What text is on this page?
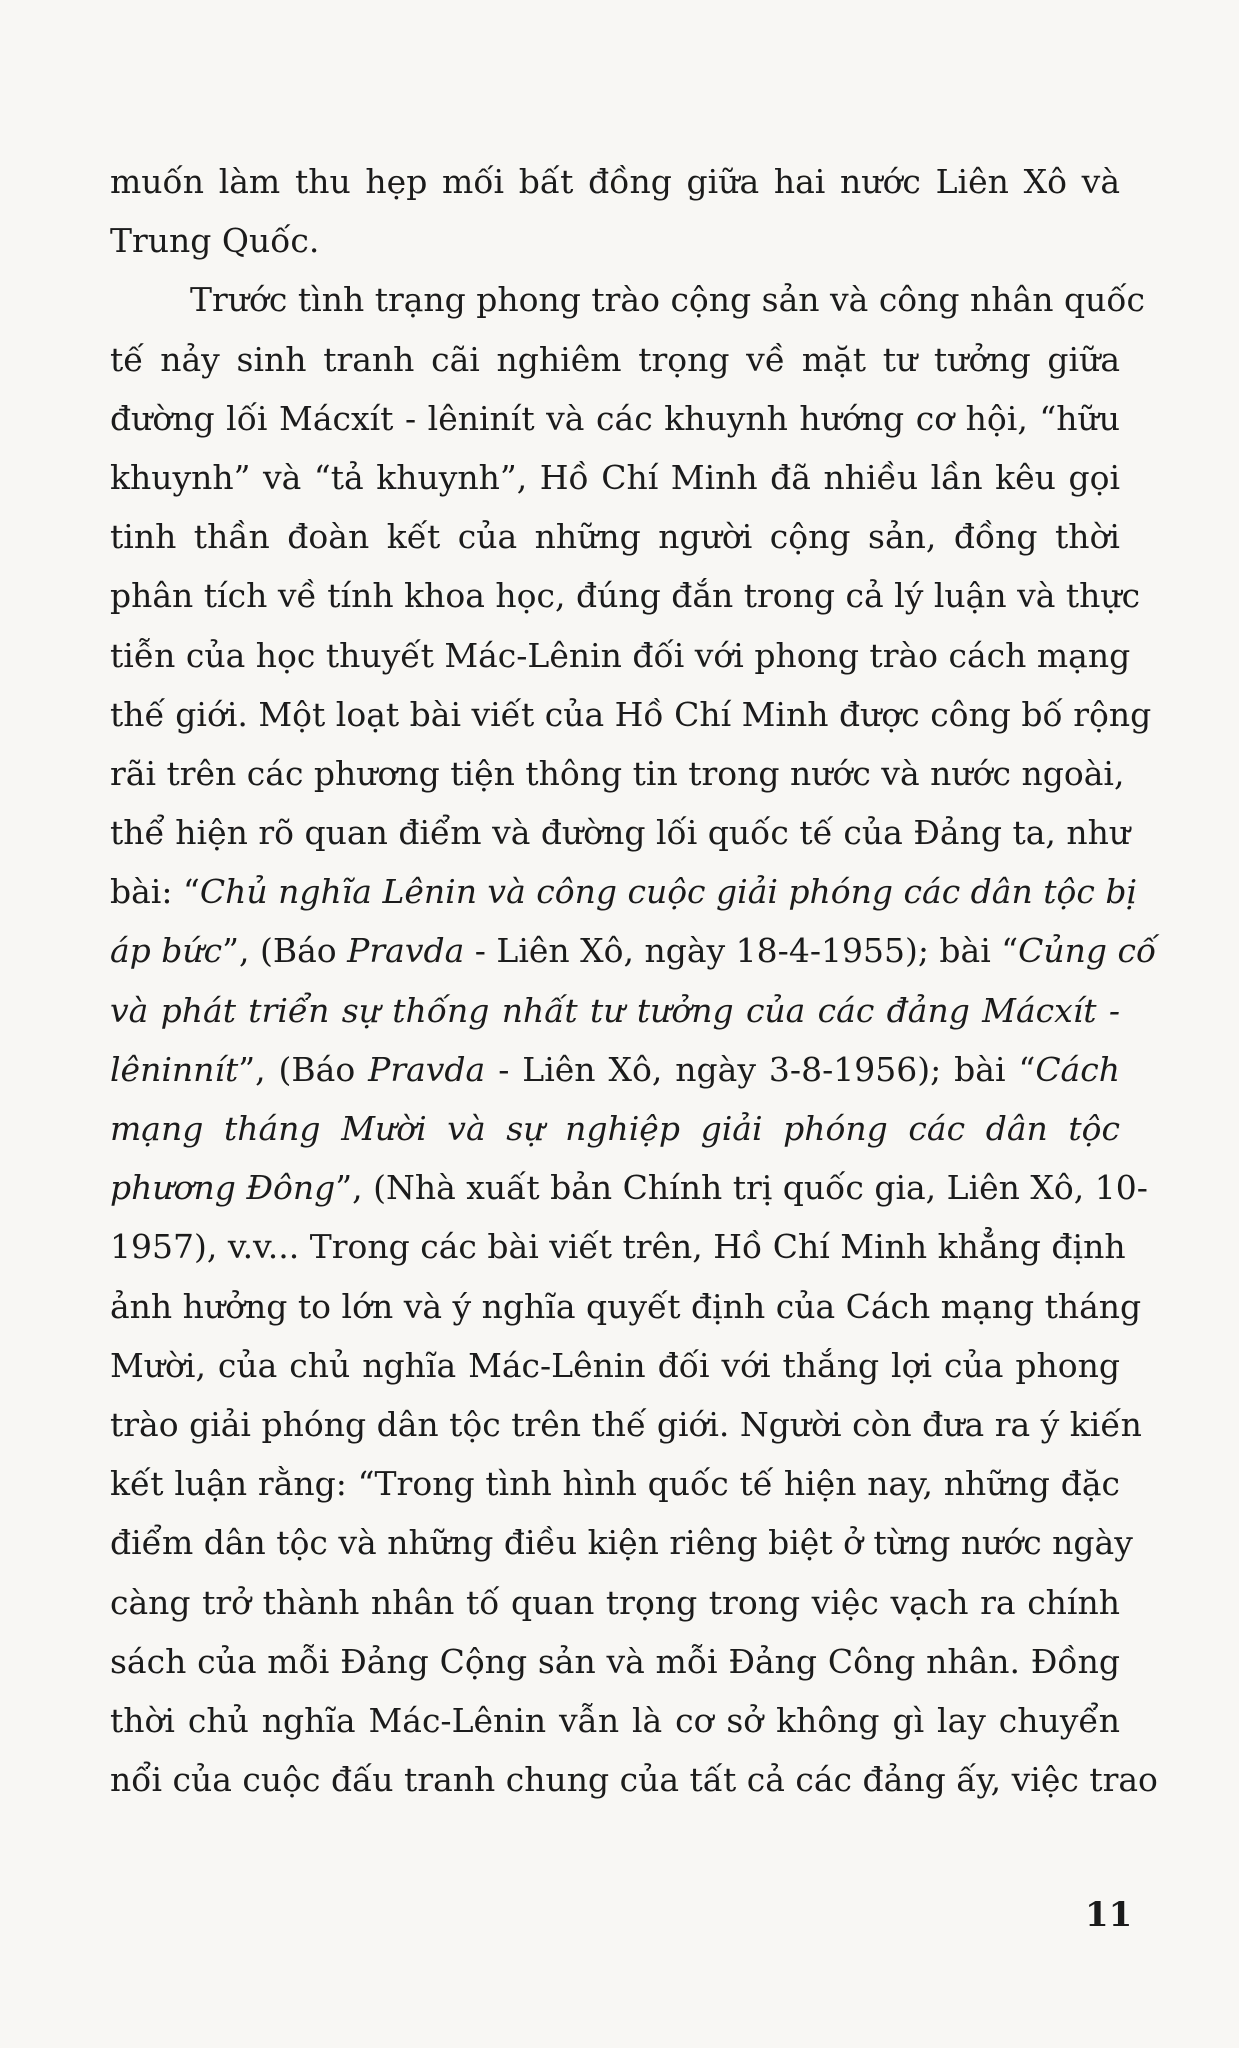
muốn làm thu hẹp mối bất đồng giữa hai nước Liên Xô và
Trung Quốc.
Trước tình trạng phong trào cộng sản và công nhân quốc
tế nảy sinh tranh cãi nghiêm trọng về mặt tư tưởng giữa
đường lối Mácxít - lêninít và các khuynh hướng cơ hội, “hữu
khuynh” và “tả khuynh”, Hồ Chí Minh đã nhiều lần kêu gọi
tinh thần đoàn kết của những người cộng sản, đồng thời
phân tích về tính khoa học, đúng đắn trong cả lý luận và thực
tiễn của học thuyết Mác-Lênin đối với phong trào cách mạng
thế giới. Một loạt bài viết của Hồ Chí Minh được công bố rộng
rãi trên các phương tiện thông tin trong nước và nước ngoài,
thể hiện rõ quan điểm và đường lối quốc tế của Đảng ta, như
bài: “Chủ nghĩa Lênin và công cuộc giải phóng các dân tộc bị
áp bức”, (Báo Pravda - Liên Xô, ngày 18-4-1955); bài “Củng cố
và phát triển sự thống nhất tư tưởng của các đảng Mácxít -
lêninnít”, (Báo Pravda - Liên Xô, ngày 3-8-1956); bài “Cách
mạng tháng Mười và sự nghiệp giải phóng các dân tộc
phương Đông”, (Nhà xuất bản Chính trị quốc gia, Liên Xô, 10-
1957), v.v... Trong các bài viết trên, Hồ Chí Minh khẳng định
ảnh hưởng to lớn và ý nghĩa quyết định của Cách mạng tháng
Mười, của chủ nghĩa Mác-Lênin đối với thắng lợi của phong
trào giải phóng dân tộc trên thế giới. Người còn đưa ra ý kiến
kết luận rằng: “Trong tình hình quốc tế hiện nay, những đặc
điểm dân tộc và những điều kiện riêng biệt ở từng nước ngày
càng trở thành nhân tố quan trọng trong việc vạch ra chính
sách của mỗi Đảng Cộng sản và mỗi Đảng Công nhân. Đồng
thời chủ nghĩa Mác-Lênin vẫn là cơ sở không gì lay chuyển
nổi của cuộc đấu tranh chung của tất cả các đảng ấy, việc trao
11
